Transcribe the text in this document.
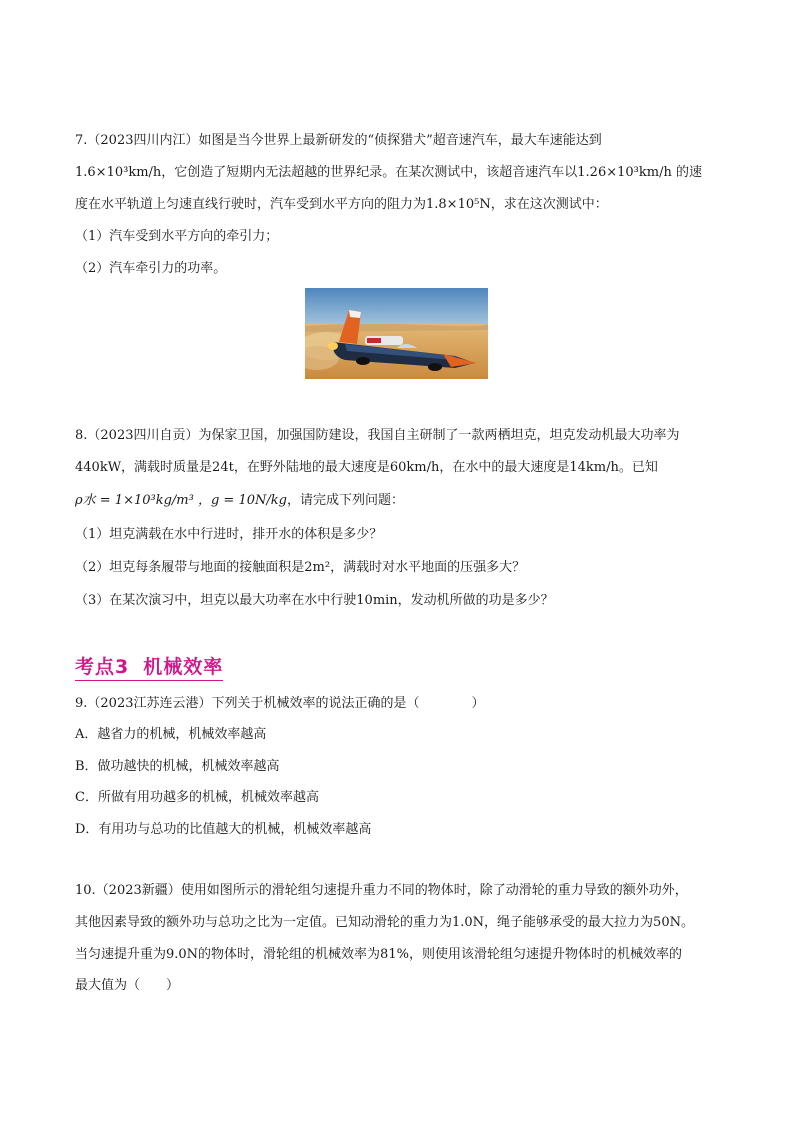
7.（2023四川内江）如图是当今世界上最新研发的“侦探猎犬”超音速汽车，最大车速能达到
1.6×10³km/h，它创造了短期内无法超越的世界纪录。在某次测试中，该超音速汽车以1.26×10³km/h 的速
度在水平轨道上匀速直线行驶时，汽车受到水平方向的阻力为1.8×10⁵N，求在这次测试中：
（1）汽车受到水平方向的牵引力；
（2）汽车牵引力的功率。
8.（2023四川自贡）为保家卫国，加强国防建设，我国自主研制了一款两栖坦克，坦克发动机最大功率为
440kW，满载时质量是24t，在野外陆地的最大速度是60km/h，在水中的最大速度是14km/h。已知
ρ水 = 1×10³kg/m³ ，g = 10N/kg，请完成下列问题：
（1）坦克满载在水中行进时，排开水的体积是多少？
（2）坦克每条履带与地面的接触面积是2m²，满载时对水平地面的压强多大？
（3）在某次演习中，坦克以最大功率在水中行驶10min，发动机所做的功是多少？
考点3 机械效率
9.（2023江苏连云港）下列关于机械效率的说法正确的是（　　　　）
A．越省力的机械，机械效率越高
B．做功越快的机械，机械效率越高
C．所做有用功越多的机械，机械效率越高
D．有用功与总功的比值越大的机械，机械效率越高
10.（2023新疆）使用如图所示的滑轮组匀速提升重力不同的物体时，除了动滑轮的重力导致的额外功外，
其他因素导致的额外功与总功之比为一定值。已知动滑轮的重力为1.0N，绳子能够承受的最大拉力为50N。
当匀速提升重为9.0N的物体时，滑轮组的机械效率为81%，则使用该滑轮组匀速提升物体时的机械效率的
最大值为（　　）
